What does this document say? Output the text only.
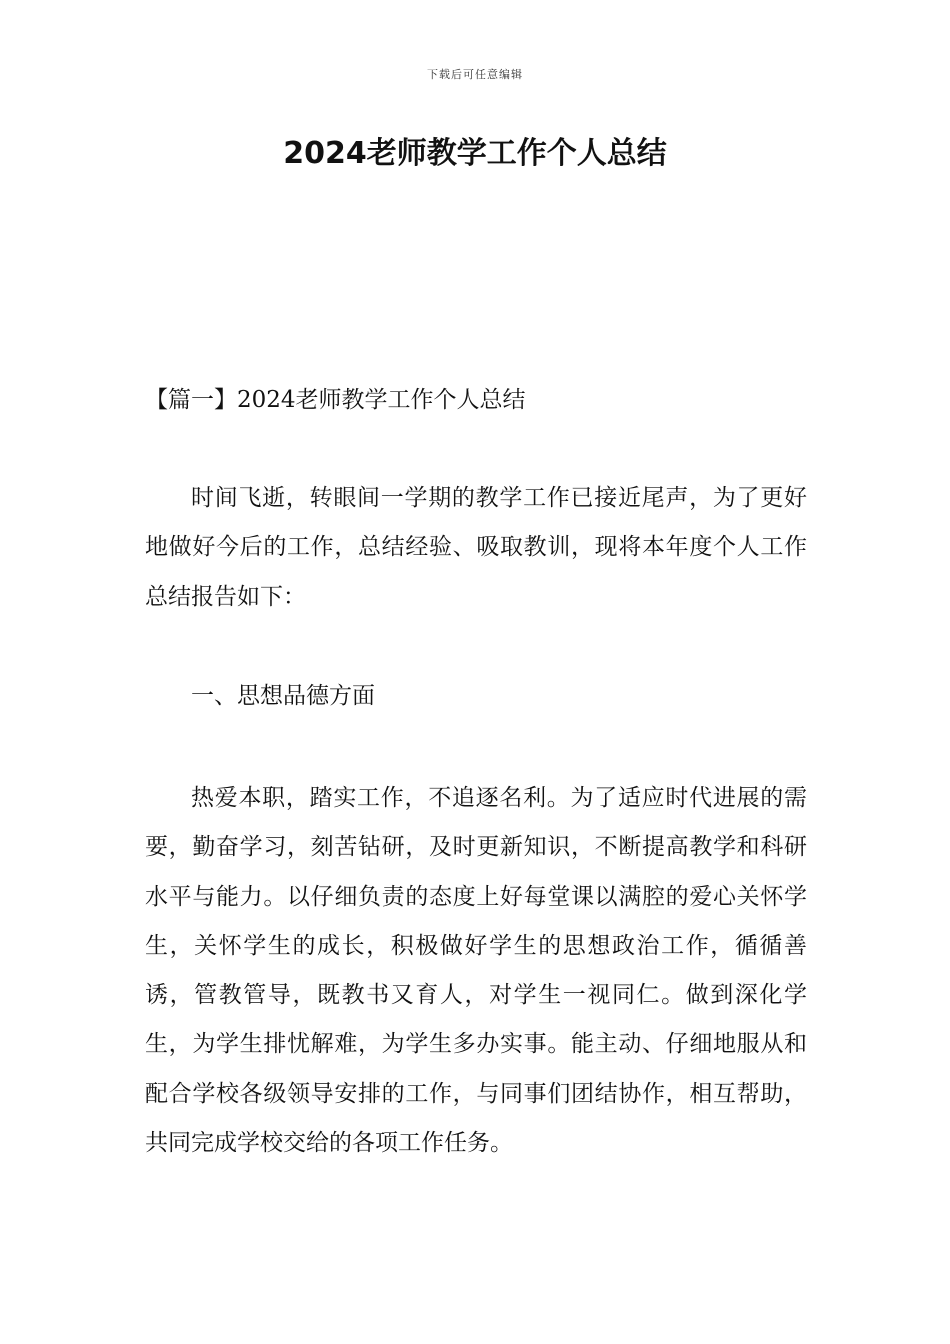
下载后可任意编辑
2024老师教学工作个人总结
【篇一】2024老师教学工作个人总结

时间飞逝，转眼间一学期的教学工作已接近尾声，为了更好地做好今后的工作，总结经验、吸取教训，现将本年度个人工作总结报告如下：

一、思想品德方面

热爱本职，踏实工作，不追逐名利。为了适应时代进展的需要，勤奋学习，刻苦钻研，及时更新知识，不断提高教学和科研水平与能力。以仔细负责的态度上好每堂课以满腔的爱心关怀学生，关怀学生的成长，积极做好学生的思想政治工作，循循善诱，管教管导，既教书又育人，对学生一视同仁。做到深化学生，为学生排忧解难，为学生多办实事。能主动、仔细地服从和配合学校各级领导安排的工作，与同事们团结协作，相互帮助，共同完成学校交给的各项工作任务。
